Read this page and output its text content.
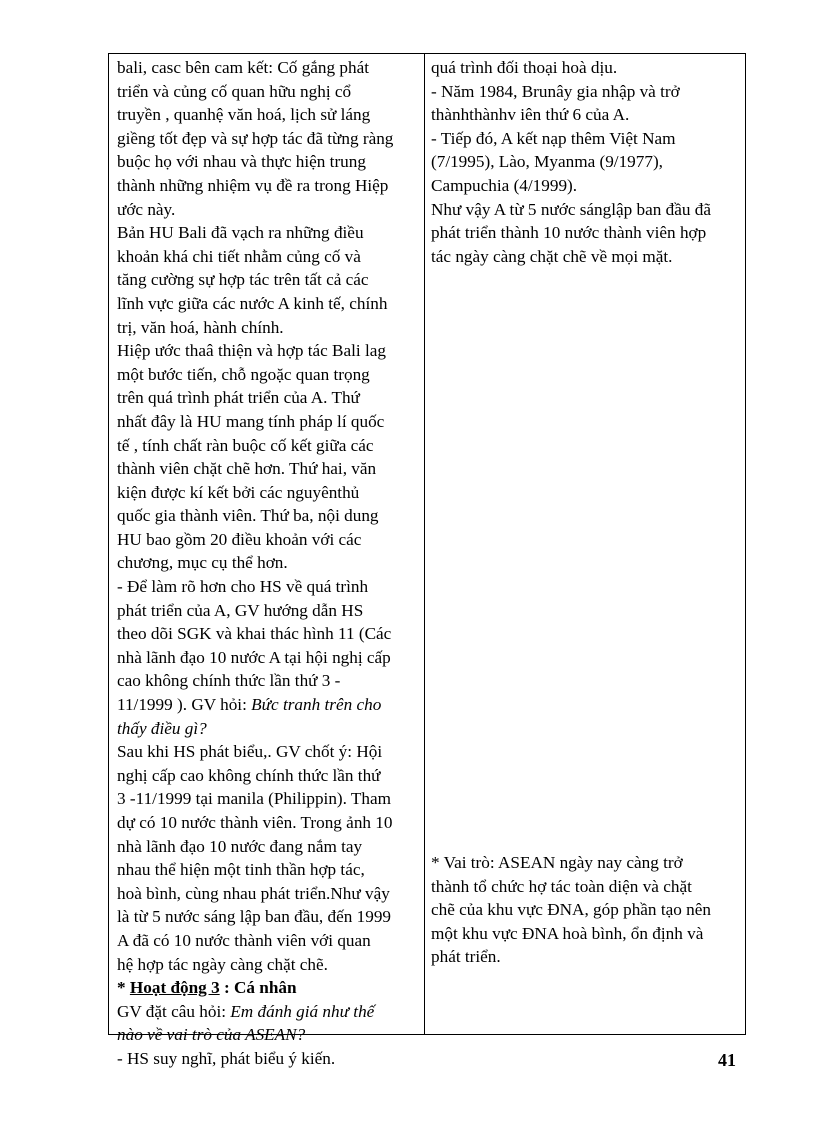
bali, casc bên cam kết: Cố gắng phát
triển và củng cố quan hữu nghị cổ
truyền , quanhệ văn hoá, lịch sử láng
giềng tốt đẹp và sự hợp tác đã từng ràng
buộc họ với nhau và thực hiện trung
thành những nhiệm vụ đề ra trong Hiệp
ước này.
Bản HU Bali đã vạch ra những điều
khoản khá chi tiết nhằm củng cố và
tăng cường sự hợp tác trên tất cả các
lĩnh vực giữa các nước A kinh tế, chính
trị, văn hoá, hành chính.
Hiệp ước thaâ thiện và hợp tác Bali lag
một bước tiến, chỗ ngoặc quan trọng
trên quá trình phát triển của A. Thứ
nhất đây là HU mang tính pháp lí quốc
tế , tính chất ràn buộc cố kết giữa các
thành viên chặt chẽ hơn. Thứ hai, văn
kiện được kí kết bởi các nguyênthủ
quốc gia thành viên. Thứ ba, nội dung
HU bao gồm 20 điều khoản với các
chương, mục cụ thể hơn.
- Để làm rõ hơn cho HS về quá trình
phát triển của A, GV hướng dẫn HS
theo dõi SGK và khai thác hình 11 (Các
nhà lãnh đạo 10 nước A tại hội nghị cấp
cao không chính thức lần thứ 3 -
11/1999 ). GV hỏi: Bức tranh trên cho
thấy điều gì?
Sau khi HS phát biểu,. GV chốt ý: Hội
nghị cấp cao không chính thức lần thứ
3 -11/1999 tại manila (Philippin). Tham
dự có 10 nước thành viên. Trong ảnh 10
nhà lãnh đạo 10 nước đang nắm tay
nhau thể hiện một tinh thần hợp tác,
hoà bình, cùng nhau phát triển.Như vậy
là từ 5 nước sáng lập ban đầu, đến 1999
A đã có 10 nước thành viên với quan
hệ hợp tác ngày càng chặt chẽ.
* Hoạt động 3 : Cá nhân
GV đặt câu hỏi: Em đánh giá như thế
nào về vai trò của ASEAN?
- HS suy nghĩ, phát biểu ý kiến.
quá trình đối thoại hoà dịu.
- Năm 1984, Brunây gia nhập và trở
thànhthànhv iên thứ 6 của A.
- Tiếp đó, A kết nạp thêm Việt Nam
(7/1995), Lào, Myanma (9/1977),
Campuchia (4/1999).
Như vậy A từ 5 nước sánglập ban đầu đã
phát triển thành 10 nước thành viên hợp
tác ngày càng chặt chẽ về mọi mặt.
* Vai trò: ASEAN ngày nay càng trở
thành tổ chức hợ tác toàn diện và chặt
chẽ của khu vực ĐNA, góp phần tạo nên
một khu vực ĐNA hoà bình, ổn định và
phát triển.
41
